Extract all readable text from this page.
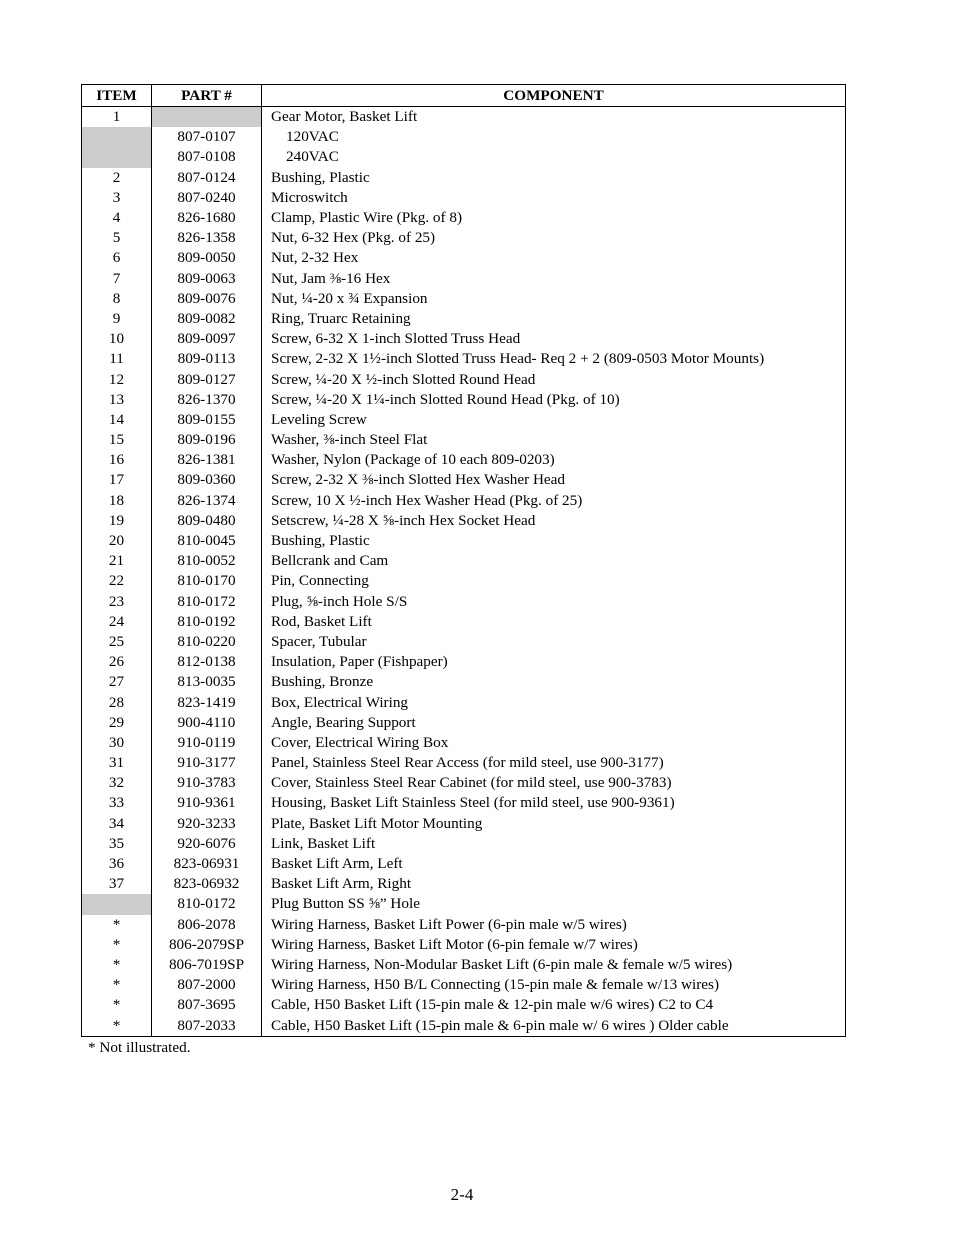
ITEM	PART #	COMPONENT
1		Gear Motor, Basket Lift
	807-0107	120VAC
	807-0108	240VAC
2	807-0124	Bushing, Plastic
3	807-0240	Microswitch
4	826-1680	Clamp, Plastic Wire (Pkg. of 8)
5	826-1358	Nut, 6-32 Hex (Pkg. of 25)
6	809-0050	Nut, 2-32 Hex
7	809-0063	Nut, Jam ⅜-16 Hex
8	809-0076	Nut, ¼-20 x ¾ Expansion
9	809-0082	Ring, Truarc Retaining
10	809-0097	Screw, 6-32 X 1-inch Slotted Truss Head
11	809-0113	Screw, 2-32 X 1½-inch Slotted Truss Head- Req 2 + 2 (809-0503 Motor Mounts)
12	809-0127	Screw, ¼-20 X ½-inch Slotted Round Head
13	826-1370	Screw, ¼-20 X 1¼-inch Slotted Round Head (Pkg. of 10)
14	809-0155	Leveling Screw
15	809-0196	Washer, ⅜-inch Steel Flat
16	826-1381	Washer, Nylon (Package of 10 each 809-0203)
17	809-0360	Screw, 2-32 X ⅜-inch Slotted Hex Washer Head
18	826-1374	Screw, 10 X ½-inch Hex Washer Head (Pkg. of 25)
19	809-0480	Setscrew, ¼-28 X ⅝-inch Hex Socket Head
20	810-0045	Bushing, Plastic
21	810-0052	Bellcrank and Cam
22	810-0170	Pin, Connecting
23	810-0172	Plug, ⅝-inch Hole S/S
24	810-0192	Rod, Basket Lift
25	810-0220	Spacer, Tubular
26	812-0138	Insulation, Paper (Fishpaper)
27	813-0035	Bushing, Bronze
28	823-1419	Box, Electrical Wiring
29	900-4110	Angle, Bearing Support
30	910-0119	Cover, Electrical Wiring Box
31	910-3177	Panel, Stainless Steel Rear Access (for mild steel, use 900-3177)
32	910-3783	Cover, Stainless Steel Rear Cabinet (for mild steel, use 900-3783)
33	910-9361	Housing, Basket Lift Stainless Steel (for mild steel, use 900-9361)
34	920-3233	Plate, Basket Lift Motor Mounting
35	920-6076	Link, Basket Lift
36	823-06931	Basket Lift Arm, Left
37	823-06932	Basket Lift Arm, Right
	810-0172	Plug Button SS ⅝” Hole
*	806-2078	Wiring Harness, Basket Lift Power (6-pin male w/5 wires)
*	806-2079SP	Wiring Harness, Basket Lift Motor (6-pin female w/7 wires)
*	806-7019SP	Wiring Harness, Non-Modular Basket Lift (6-pin male & female w/5 wires)
*	807-2000	Wiring Harness, H50 B/L Connecting (15-pin male & female w/13 wires)
*	807-3695	Cable, H50 Basket Lift (15-pin male & 12-pin male w/6 wires) C2 to C4
*	807-2033	Cable, H50 Basket Lift (15-pin male & 6-pin male w/ 6 wires ) Older cable
* Not illustrated.
2-4
